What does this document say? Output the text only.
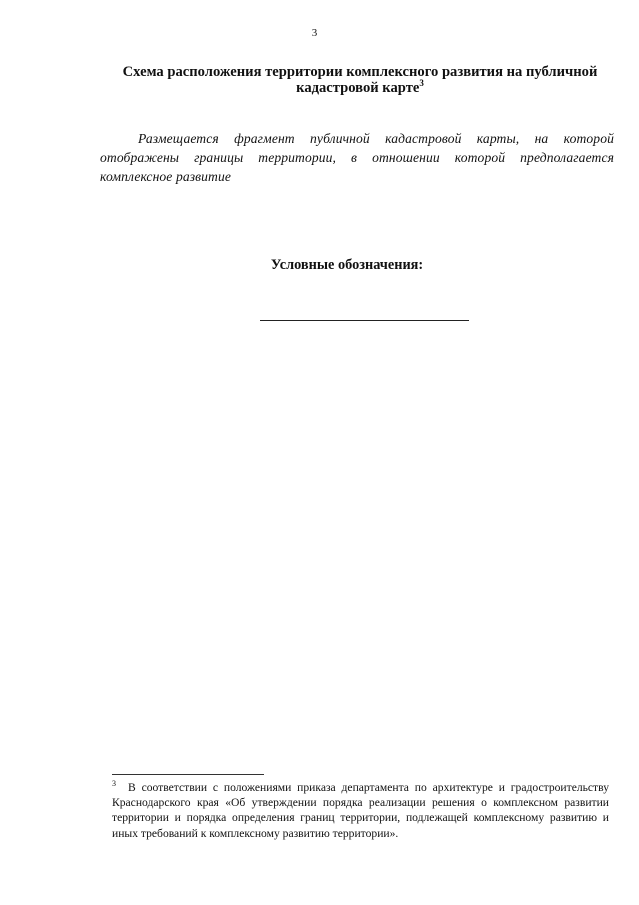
3
Схема расположения территории комплексного развития на публичной кадастровой карте$^3$

Размещается фрагмент публичной кадастровой карты, на которой отображены границы территории, в отношении которой предполагается комплексное развитие

Условные обозначения:

$^3$ В соответствии с положениями приказа департамента по архитектуре и градостроительству Краснодарского края «Об утверждении порядка реализации решения о комплексном развитии территории и порядка определения границ территории, подлежащей комплексному развитию и иных требований к комплексному развитию территории».
